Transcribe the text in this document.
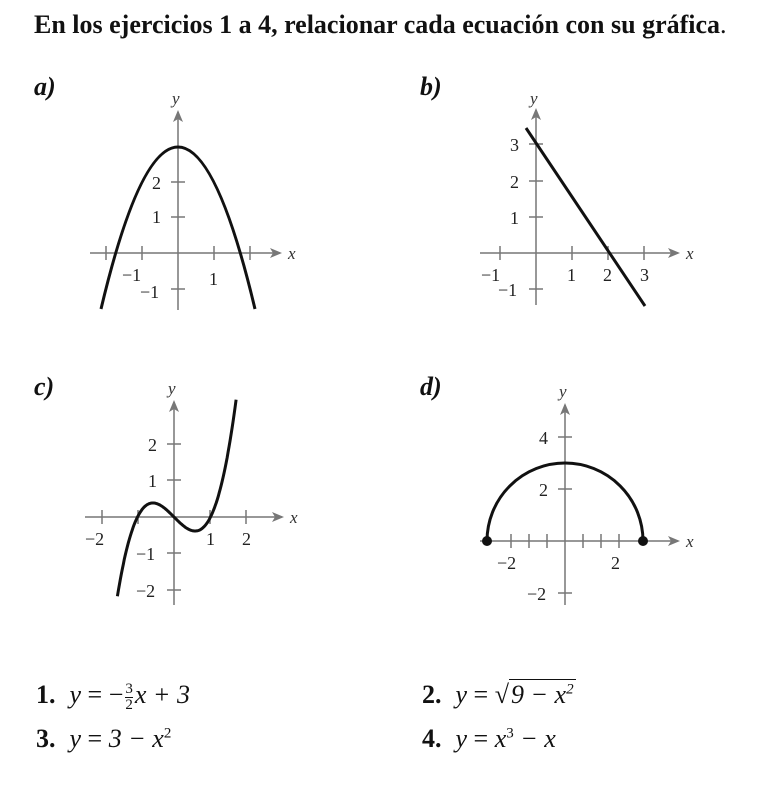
En los ejercicios 1 a 4, relacionar cada ecuación con su gráfica.
a)	b)
c)	d)
x
y
−1	1
2
1
−1
x
y
−1	1 2 3
3
2
1
−1
x
y
−2	1 2
2
1
−1
−2
x
y
−2	2
4
2
−2
1. y = − $\frac{3}{2}$ x + 3	2. $y = √9 - x^2$
3. $y = 3 - x^2$	4. $y = x^3 - x$
